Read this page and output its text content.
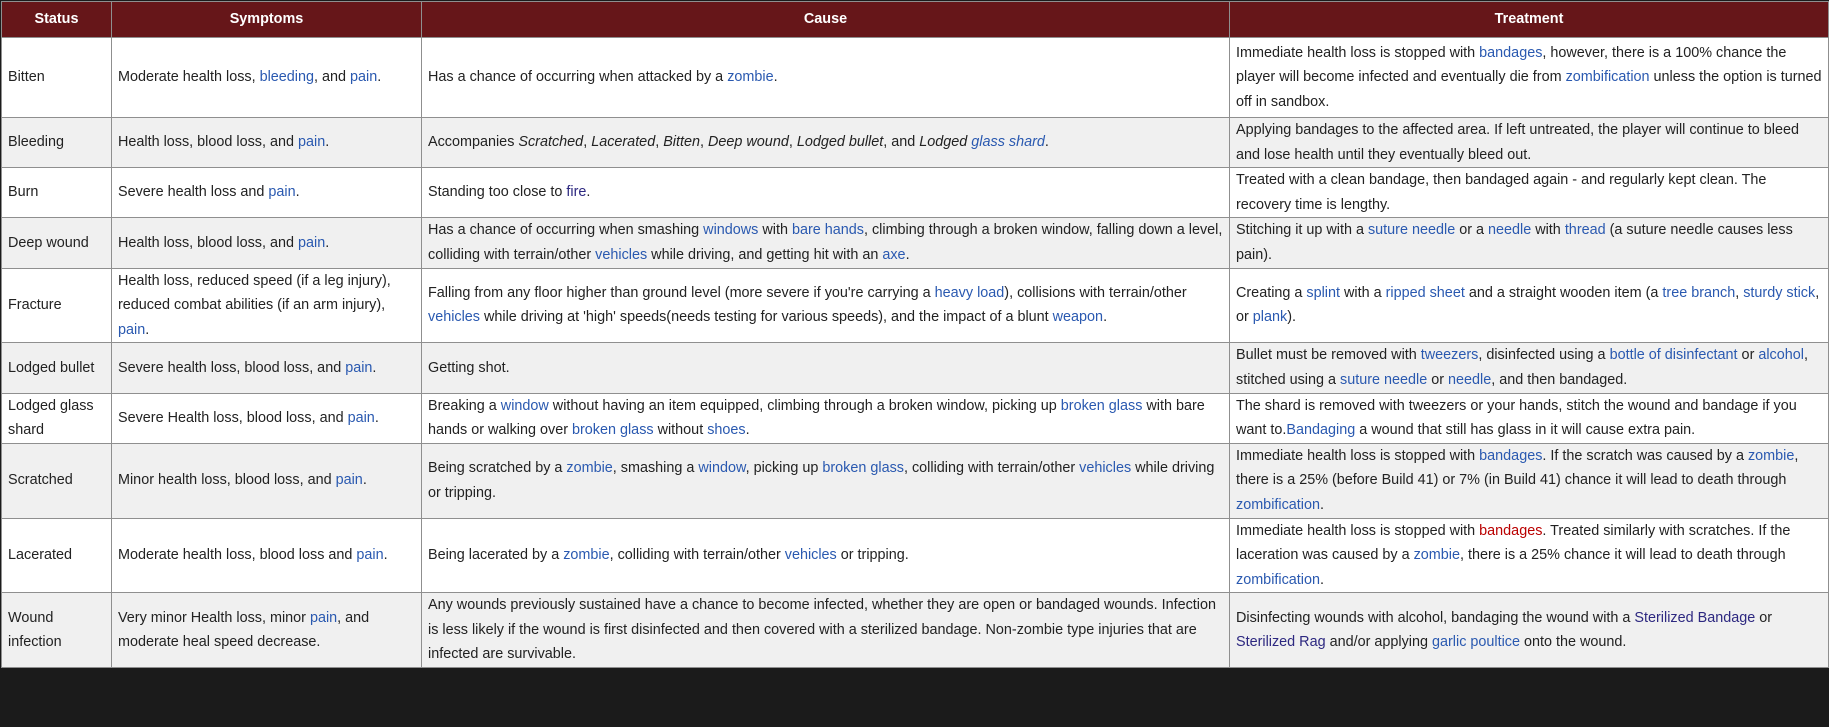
Status	Symptoms	Cause	Treatment
Bitten	Moderate health loss, bleeding, and pain.	Has a chance of occurring when attacked by a zombie.	Immediate health loss is stopped with bandages, however, there is a 100% chance the player will become infected and eventually die from zombification unless the option is turned off in sandbox.
Bleeding	Health loss, blood loss, and pain.	Accompanies Scratched, Lacerated, Bitten, Deep wound, Lodged bullet, and Lodged glass shard.	Applying bandages to the affected area. If left untreated, the player will continue to bleed and lose health until they eventually bleed out.
Burn	Severe health loss and pain.	Standing too close to fire.	Treated with a clean bandage, then bandaged again - and regularly kept clean. The recovery time is lengthy.
Deep wound	Health loss, blood loss, and pain.	Has a chance of occurring when smashing windows with bare hands, climbing through a broken window, falling down a level, colliding with terrain/other vehicles while driving, and getting hit with an axe.	Stitching it up with a suture needle or a needle with thread (a suture needle causes less pain).
Fracture	Health loss, reduced speed (if a leg injury), reduced combat abilities (if an arm injury), pain.	Falling from any floor higher than ground level (more severe if you're carrying a heavy load), collisions with terrain/other vehicles while driving at 'high' speeds(needs testing for various speeds), and the impact of a blunt weapon.	Creating a splint with a ripped sheet and a straight wooden item (a tree branch, sturdy stick, or plank).
Lodged bullet	Severe health loss, blood loss, and pain.	Getting shot.	Bullet must be removed with tweezers, disinfected using a bottle of disinfectant or alcohol, stitched using a suture needle or needle, and then bandaged.
Lodged glass shard	Severe Health loss, blood loss, and pain.	Breaking a window without having an item equipped, climbing through a broken window, picking up broken glass with bare hands or walking over broken glass without shoes.	The shard is removed with tweezers or your hands, stitch the wound and bandage if you want to.Bandaging a wound that still has glass in it will cause extra pain.
Scratched	Minor health loss, blood loss, and pain.	Being scratched by a zombie, smashing a window, picking up broken glass, colliding with terrain/other vehicles while driving or tripping.	Immediate health loss is stopped with bandages. If the scratch was caused by a zombie, there is a 25% (before Build 41) or 7% (in Build 41) chance it will lead to death through zombification.
Lacerated	Moderate health loss, blood loss and pain.	Being lacerated by a zombie, colliding with terrain/other vehicles or tripping.	Immediate health loss is stopped with bandages. Treated similarly with scratches. If the laceration was caused by a zombie, there is a 25% chance it will lead to death through zombification.
Wound infection	Very minor Health loss, minor pain, and moderate heal speed decrease.	Any wounds previously sustained have a chance to become infected, whether they are open or bandaged wounds. Infection is less likely if the wound is first disinfected and then covered with a sterilized bandage. Non-zombie type injuries that are infected are survivable.	Disinfecting wounds with alcohol, bandaging the wound with a Sterilized Bandage or Sterilized Rag and/or applying garlic poultice onto the wound.
